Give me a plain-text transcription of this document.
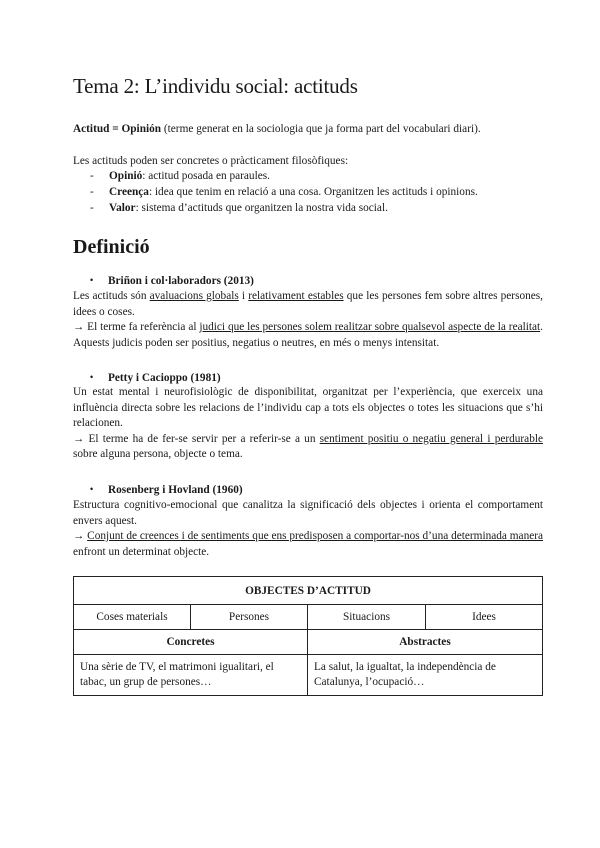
Tema 2: L’individu social: actituds
Actitud = Opinión (terme generat en la sociologia que ja forma part del vocabulari diari).
Les actituds poden ser concretes o pràcticament filosòfiques:
- Opinió: actitud posada en paraules.
- Creença: idea que tenim en relació a una cosa. Organitzen les actituds i opinions.
- Valor: sistema d’actituds que organitzen la nostra vida social.
Definició
• Briñon i col·laboradors (2013)

Les actituds són avaluacions globals i relativament estables que les persones fem sobre altres persones, idees o coses.

→ El terme fa referència al judici que les persones solem realitzar sobre qualsevol aspecte de la realitat. Aquests judicis poden ser positius, negatius o neutres, en més o menys intensitat.

• Petty i Cacioppo (1981)

Un estat mental i neurofisiològic de disponibilitat, organitzat per l’experiència, que exerceix una influència directa sobre les relacions de l’individu cap a tots els objectes o totes les situacions que s’hi relacionen.

→ El terme ha de fer-se servir per a referir-se a un sentiment positiu o negatiu general i perdurable sobre alguna persona, objecte o tema.

• Rosenberg i Hovland (1960)

Estructura cognitivo-emocional que canalitza la significació dels objectes i orienta el comportament envers aquest.

→ Conjunt de creences i de sentiments que ens predisposen a comportar-nos d’una determinada manera enfront un determinat objecte.

OBJECTES D’ACTITUD			
Coses materials	Persones	Situacions	Idees
Concretes		Abstractes	
Una sèrie de TV, el matrimoni igualitari, el tabac, un grup de persones…		La salut, la igualtat, la independència de Catalunya, l’ocupació…	
